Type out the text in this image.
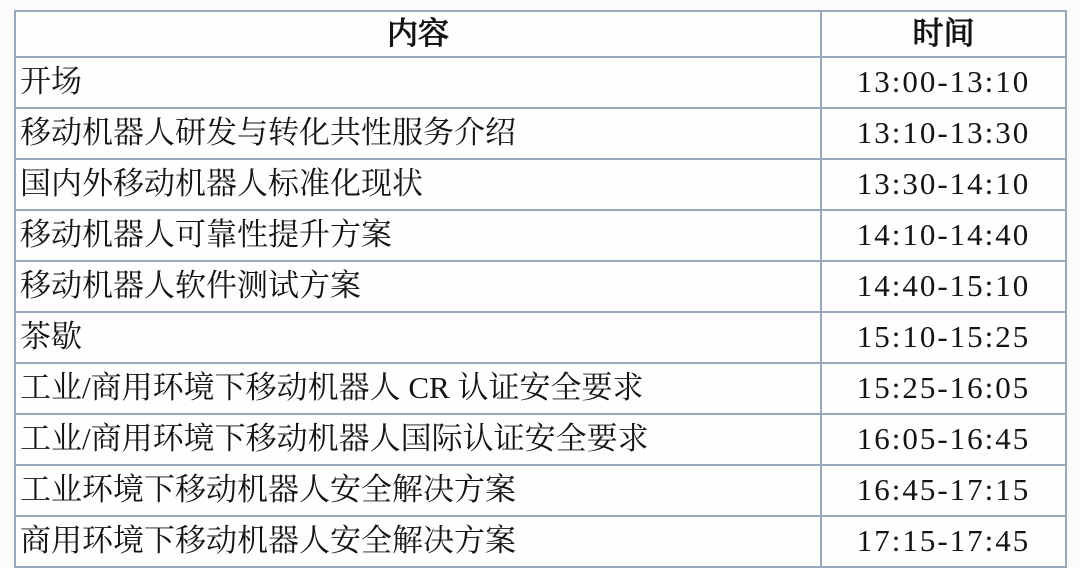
内容	时间
开场	13:00-13:10
移动机器人研发与转化共性服务介绍	13:10-13:30
国内外移动机器人标准化现状	13:30-14:10
移动机器人可靠性提升方案	14:10-14:40
移动机器人软件测试方案	14:40-15:10
茶歇	15:10-15:25
工业/商用环境下移动机器人 CR 认证安全要求	15:25-16:05
工业/商用环境下移动机器人国际认证安全要求	16:05-16:45
工业环境下移动机器人安全解决方案	16:45-17:15
商用环境下移动机器人安全解决方案	17:15-17:45
